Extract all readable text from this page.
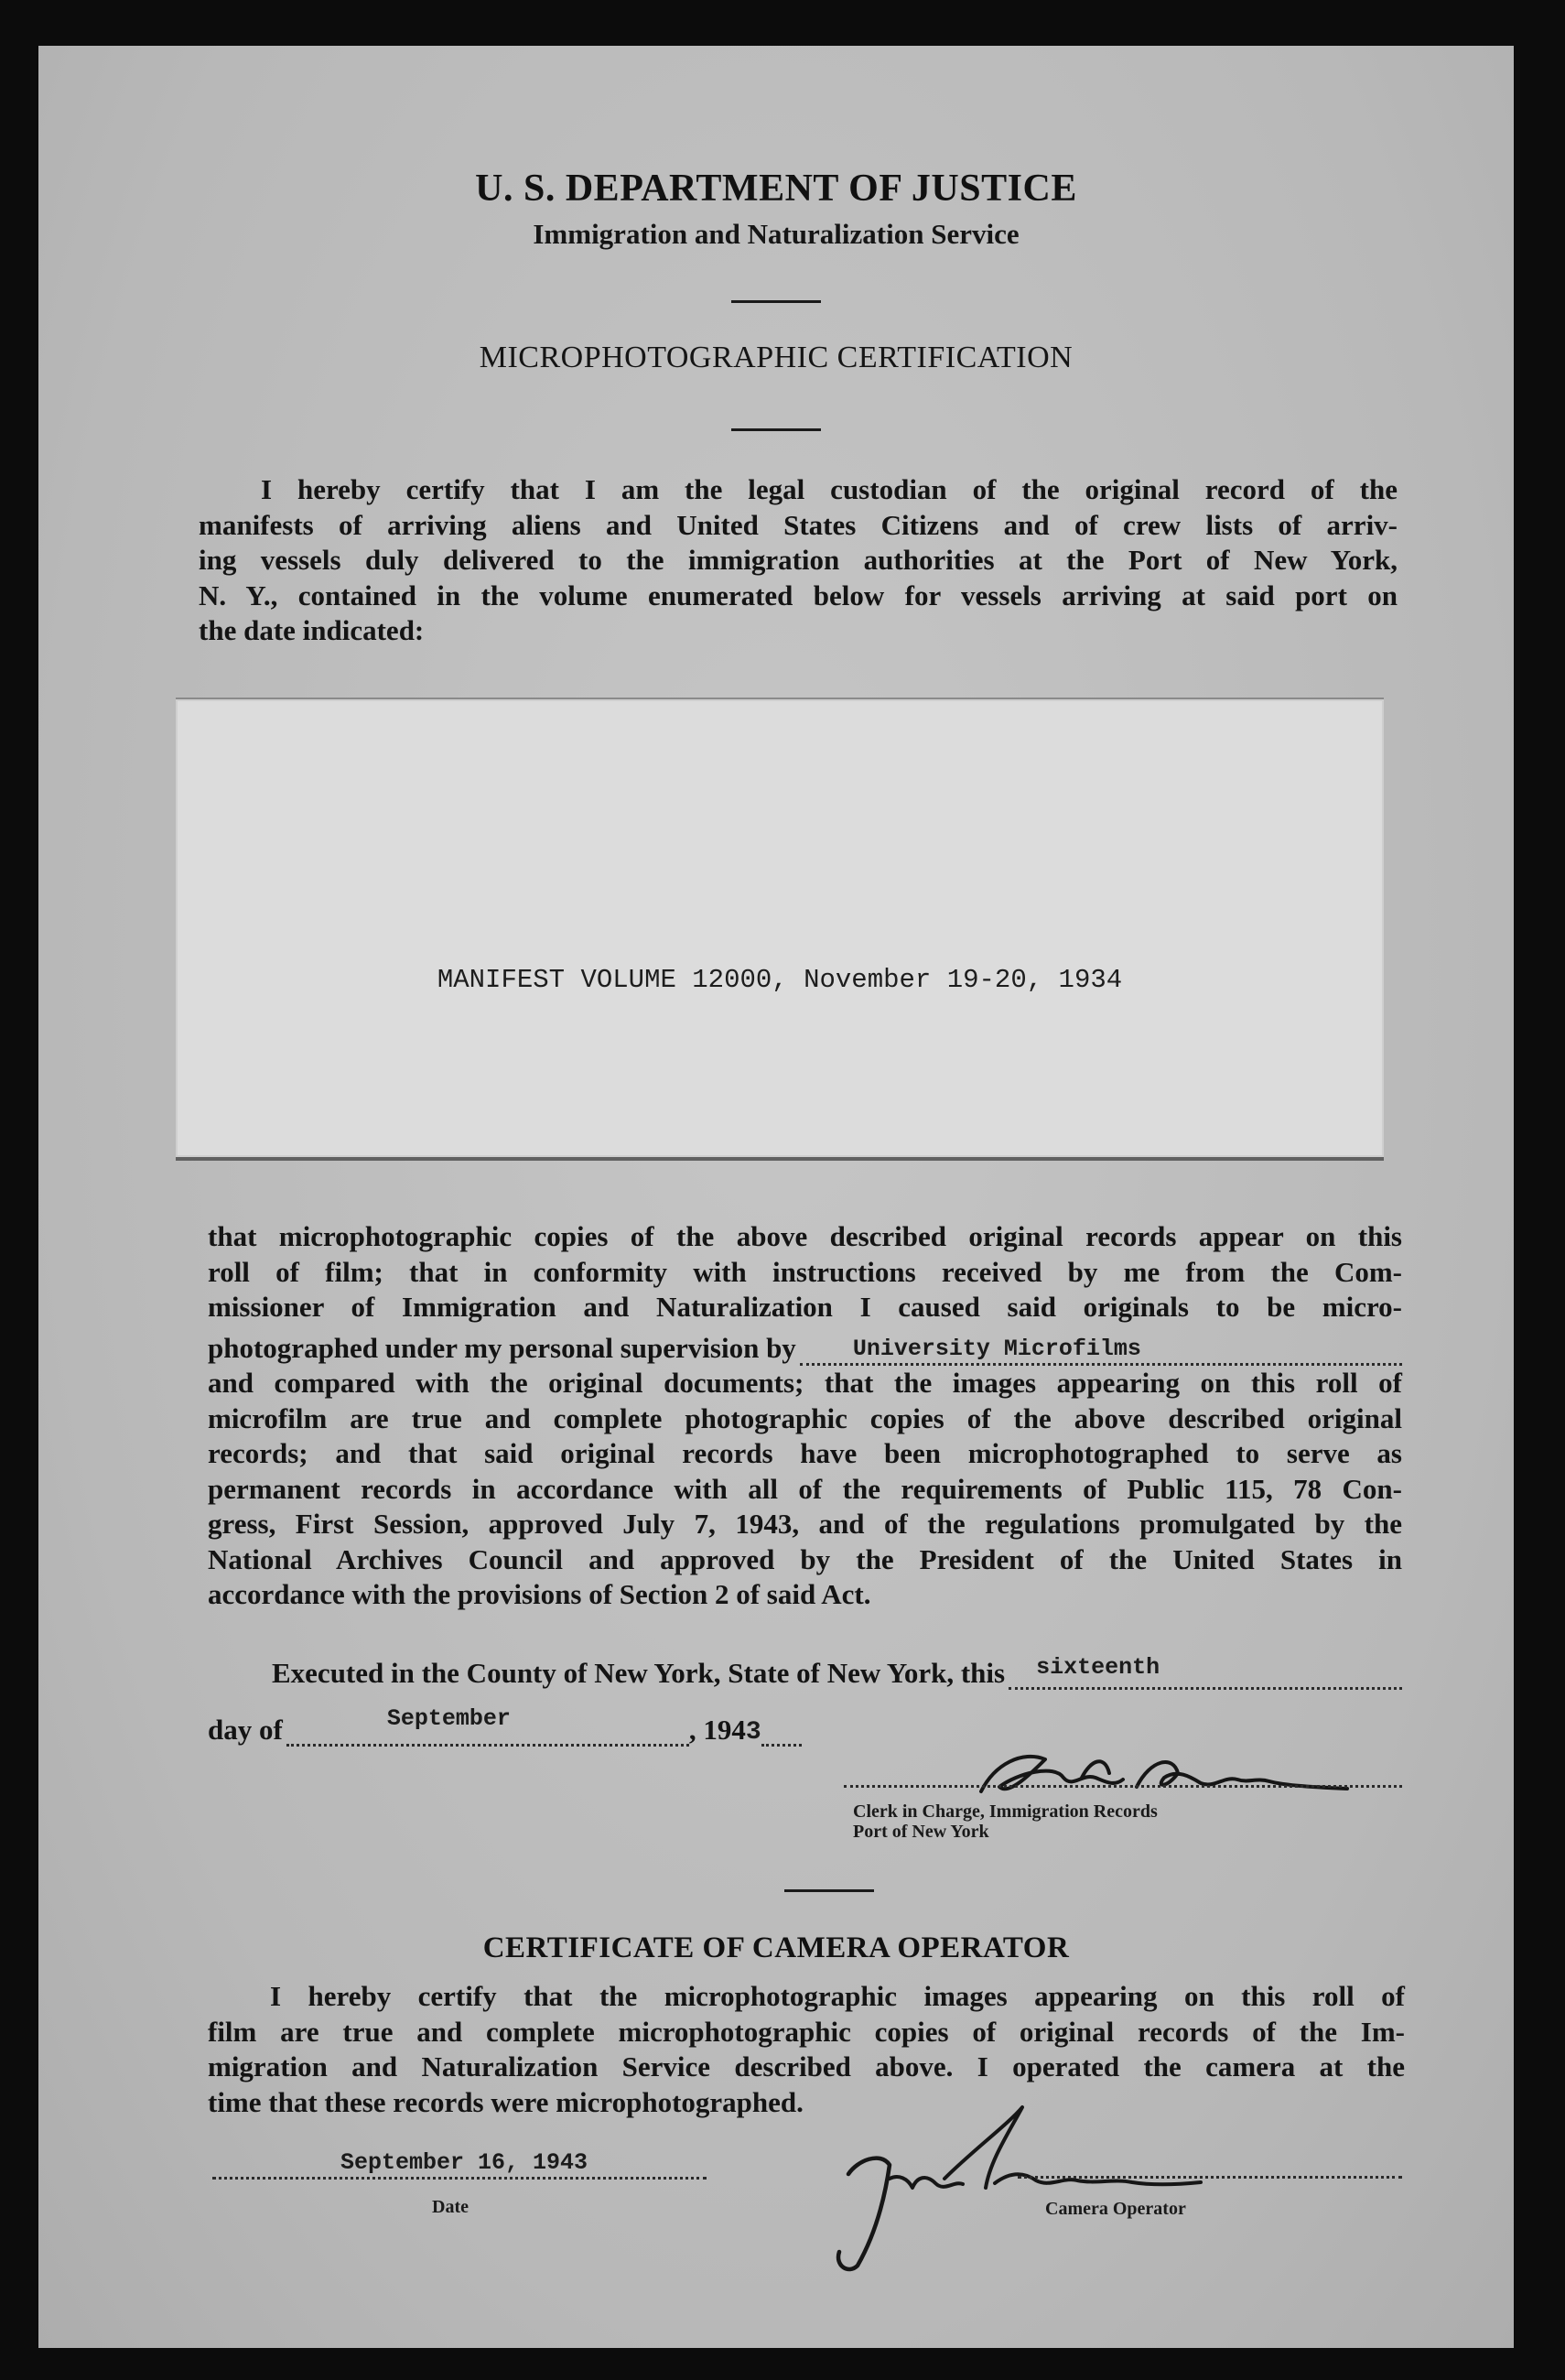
U. S. DEPARTMENT OF JUSTICE
Immigration and Naturalization Service
MICROPHOTOGRAPHIC CERTIFICATION
I hereby certify that I am the legal custodian of the original record of the
manifests of arriving aliens and United States Citizens and of crew lists of arriv-
ing vessels duly delivered to the immigration authorities at the Port of New York,
N. Y., contained in the volume enumerated below for vessels arriving at said port on
the date indicated:
MANIFEST VOLUME 12000, November 19-20, 1934
that microphotographic copies of the above described original records appear on this
roll of film; that in conformity with instructions received by me from the Com-
missioner of Immigration and Naturalization I caused said originals to be micro-
photographed under my personal supervision by University Microfilms
and compared with the original documents; that the images appearing on this roll of
microfilm are true and complete photographic copies of the above described original
records; and that said original records have been microphotographed to serve as
permanent records in accordance with all of the requirements of Public 115, 78 Con-
gress, First Session, approved July 7, 1943, and of the regulations promulgated by the
National Archives Council and approved by the President of the United States in
accordance with the provisions of Section 2 of said Act.
Executed in the County of New York, State of New York, this sixteenth
day of	September	, 194 3
Clerk in Charge, Immigration Records
Port of New York
CERTIFICATE OF CAMERA OPERATOR
I hereby certify that the microphotographic images appearing on this roll of
film are true and complete microphotographic copies of original records of the Im-
migration and Naturalization Service described above. I operated the camera at the
time that these records were microphotographed.
September 16, 1943
Date	Camera Operator
